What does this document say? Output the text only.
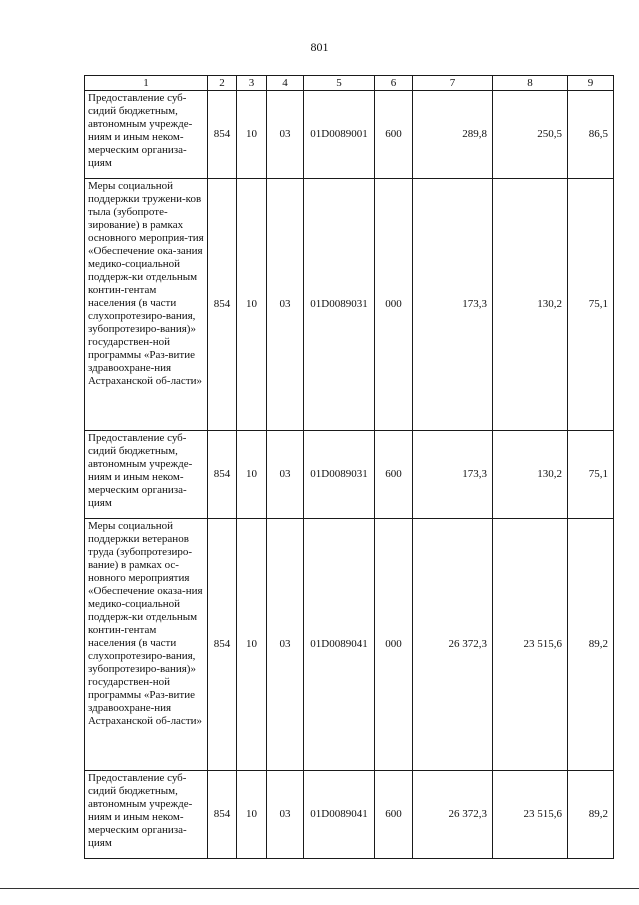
801
1	2	3	4	5	6	7	8	9
Предоставление суб-сидий бюджетным, автономным учрежде-ниям и иным неком-мерческим организа-циям	854	10	03	01D0089001	600	289,8	250,5	86,5
Меры социальной поддержки тружени-ков тыла (зубопроте-зирование) в рамках основного мероприя-тия «Обеспечение ока-зания медико-социальной поддерж-ки отдельным контин-гентам населения (в части слухопротезиро-вания, зубопротезиро-вания)» государствен-ной программы «Раз-витие здравоохране-ния Астраханской об-ласти»	854	10	03	01D0089031	000	173,3	130,2	75,1
Предоставление суб-сидий бюджетным, автономным учрежде-ниям и иным неком-мерческим организа-циям	854	10	03	01D0089031	600	173,3	130,2	75,1
Меры социальной поддержки ветеранов труда (зубопротезиро-вание) в рамках ос-новного мероприятия «Обеспечение оказа-ния медико-социальной поддерж-ки отдельным контин-гентам населения (в части слухопротезиро-вания, зубопротезиро-вания)» государствен-ной программы «Раз-витие здравоохране-ния Астраханской об-ласти»	854	10	03	01D0089041	000	26 372,3	23 515,6	89,2
Предоставление суб-сидий бюджетным, автономным учрежде-ниям и иным неком-мерческим организа-циям	854	10	03	01D0089041	600	26 372,3	23 515,6	89,2
